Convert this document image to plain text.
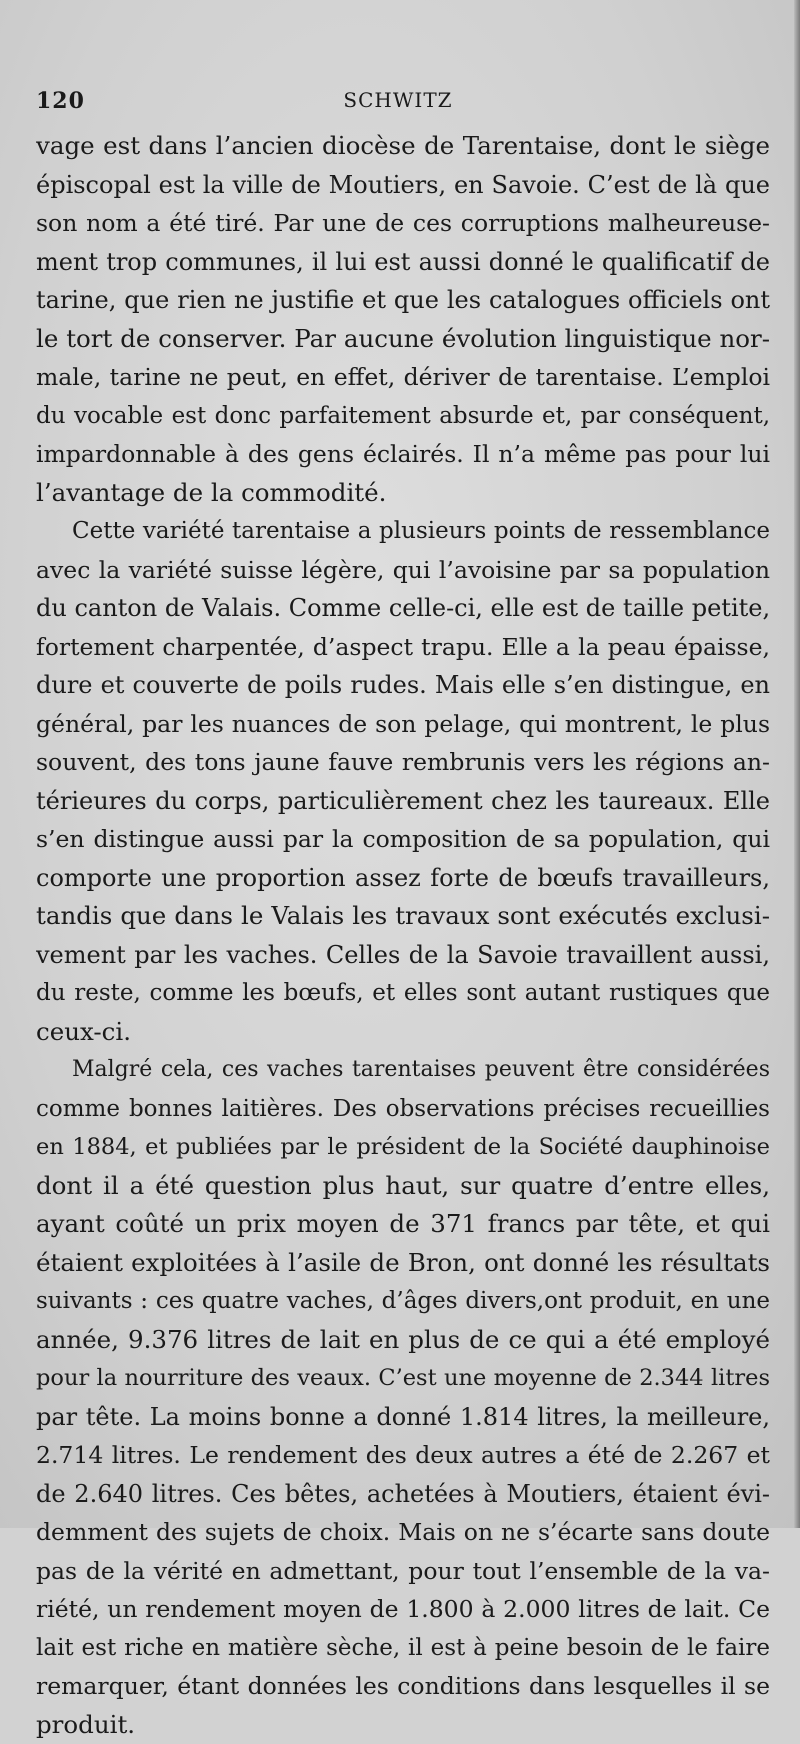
120	SCHWITZ
vage est dans l’ancien diocèse de Tarentaise, dont le siège
épiscopal est la ville de Moutiers, en Savoie. C’est de là que
son nom a été tiré. Par une de ces corruptions malheureuse-
ment trop communes, il lui est aussi donné le qualificatif de
tarine, que rien ne justifie et que les catalogues officiels ont
le tort de conserver. Par aucune évolution linguistique nor-
male, tarine ne peut, en effet, dériver de tarentaise. L’emploi
du vocable est donc parfaitement absurde et, par conséquent,
impardonnable à des gens éclairés. Il n’a même pas pour lui
l’avantage de la commodité.
Cette variété tarentaise a plusieurs points de ressemblance
avec la variété suisse légère, qui l’avoisine par sa population
du canton de Valais. Comme celle-ci, elle est de taille petite,
fortement charpentée, d’aspect trapu. Elle a la peau épaisse,
dure et couverte de poils rudes. Mais elle s’en distingue, en
général, par les nuances de son pelage, qui montrent, le plus
souvent, des tons jaune fauve rembrunis vers les régions an-
térieures du corps, particulièrement chez les taureaux. Elle
s’en distingue aussi par la composition de sa population, qui
comporte une proportion assez forte de bœufs travailleurs,
tandis que dans le Valais les travaux sont exécutés exclusi-
vement par les vaches. Celles de la Savoie travaillent aussi,
du reste, comme les bœufs, et elles sont autant rustiques que
ceux-ci.
Malgré cela, ces vaches tarentaises peuvent être considérées
comme bonnes laitières. Des observations précises recueillies
en 1884, et publiées par le président de la Société dauphinoise
dont il a été question plus haut, sur quatre d’entre elles,
ayant coûté un prix moyen de 371 francs par tête, et qui
étaient exploitées à l’asile de Bron, ont donné les résultats
suivants : ces quatre vaches, d’âges divers,ont produit, en une
année, 9.376 litres de lait en plus de ce qui a été employé
pour la nourriture des veaux. C’est une moyenne de 2.344 litres
par tête. La moins bonne a donné 1.814 litres, la meilleure,
2.714 litres. Le rendement des deux autres a été de 2.267 et
de 2.640 litres. Ces bêtes, achetées à Moutiers, étaient évi-
demment des sujets de choix. Mais on ne s’écarte sans doute
pas de la vérité en admettant, pour tout l’ensemble de la va-
riété, un rendement moyen de 1.800 à 2.000 litres de lait. Ce
lait est riche en matière sèche, il est à peine besoin de le faire
remarquer, étant données les conditions dans lesquelles il se
produit.
